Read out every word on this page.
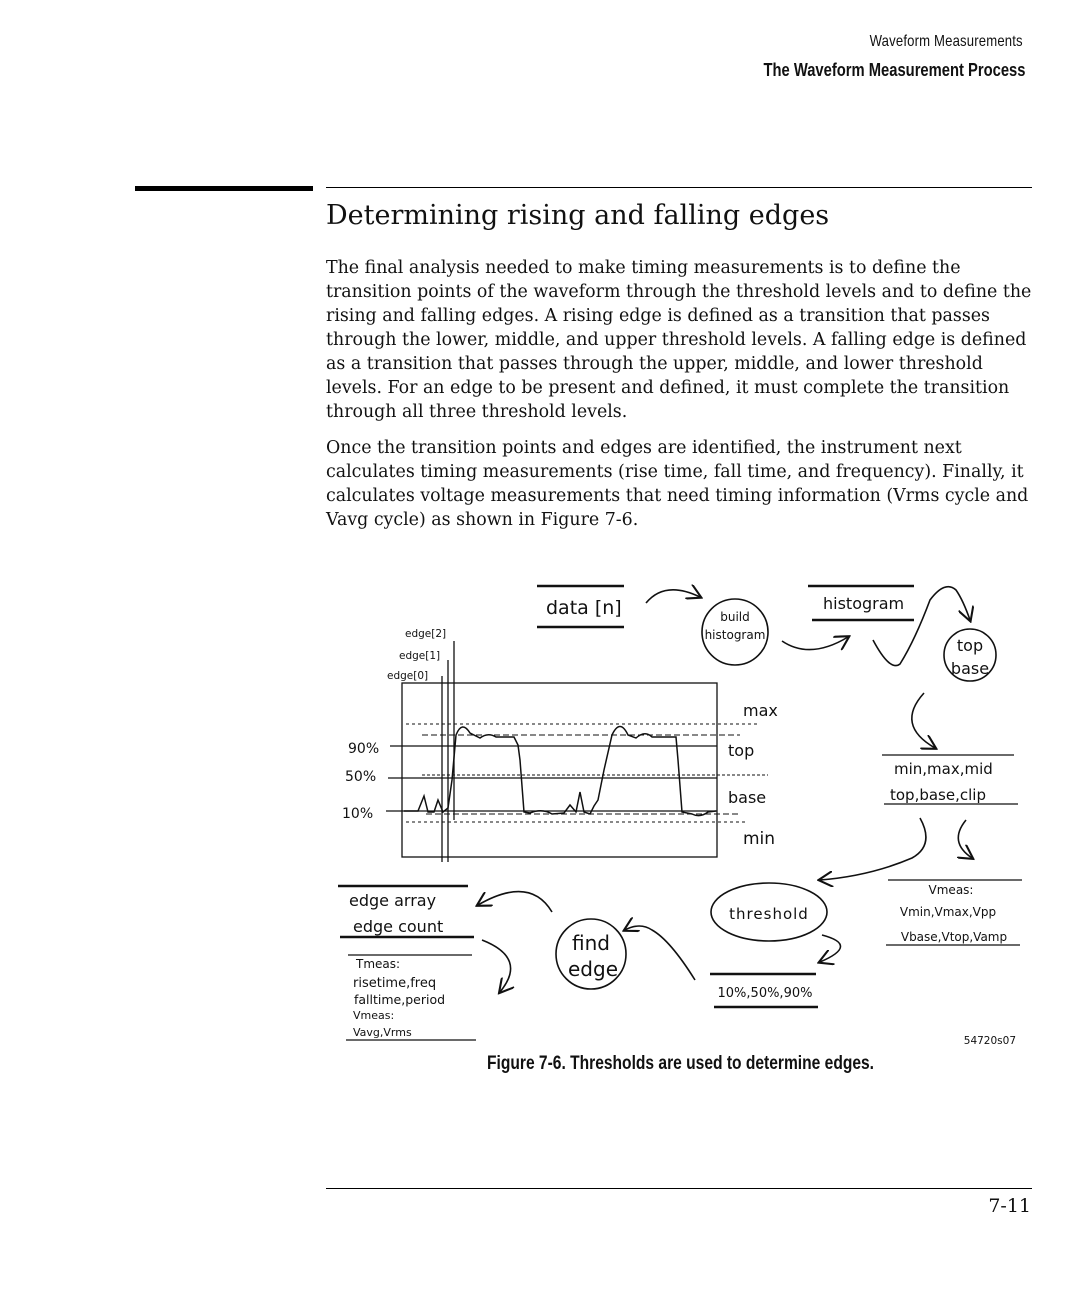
Waveform Measurements
The Waveform Measurement Process
Determining rising and falling edges

The final analysis needed to make timing measurements is to define the transition points of the waveform through the threshold levels and to define the rising and falling edges. A rising edge is defined as a transition that passes through the lower, middle, and upper threshold levels. A falling edge is defined as a transition that passes through the upper, middle, and lower threshold levels. For an edge to be present and defined, it must complete the transition through all three threshold levels.

Once the transition points and edges are identified, the instrument next calculates timing measurements (rise time, fall time, and frequency). Finally, it calculates voltage measurements that need timing information (Vrms cycle and Vavg cycle) as shown in Figure 7-6.

data [n]	build
histogram
histogram
top
base
edge[2]
edge[1]
edge[0]
max
top
base
min
90%
50%
10%
min,max,mid
top,base,clip
Vmeas:
Vmin,Vmax,Vpp
Vbase,Vtop,Vamp
threshold
10%,50%,90%
find
edge
edge array
edge count
Tmeas:
risetime,freq
falltime,period
Vmeas:
Vavg,Vrms
54720s07
Figure 7-6. Thresholds are used to determine edges.
7-11
